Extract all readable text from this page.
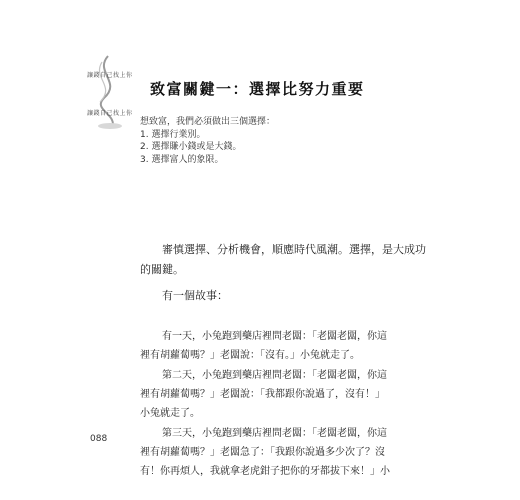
讓錢自己找上你
讓錢自己找上你
致富關鍵一：選擇比努力重要
想致富，我們必須做出三個選擇：
1. 選擇行業別。
2. 選擇賺小錢或是大錢。
3. 選擇富人的象限。
審慎選擇、分析機會，順應時代風潮。選擇，是大成功
的關鍵。
有一個故事：
有一天，小兔跑到藥店裡問老闆：「老闆老闆，你這
裡有胡蘿蔔嗎？」老闆說：「沒有。」小兔就走了。
第二天，小兔跑到藥店裡問老闆：「老闆老闆，你這
裡有胡蘿蔔嗎？」老闆說：「我都跟你說過了，沒有！」
小兔就走了。
第三天，小兔跑到藥店裡問老闆：「老闆老闆，你這
裡有胡蘿蔔嗎？」老闆急了：「我跟你說過多少次了？沒
有！你再煩人，我就拿老虎鉗子把你的牙都拔下來！」小
088
